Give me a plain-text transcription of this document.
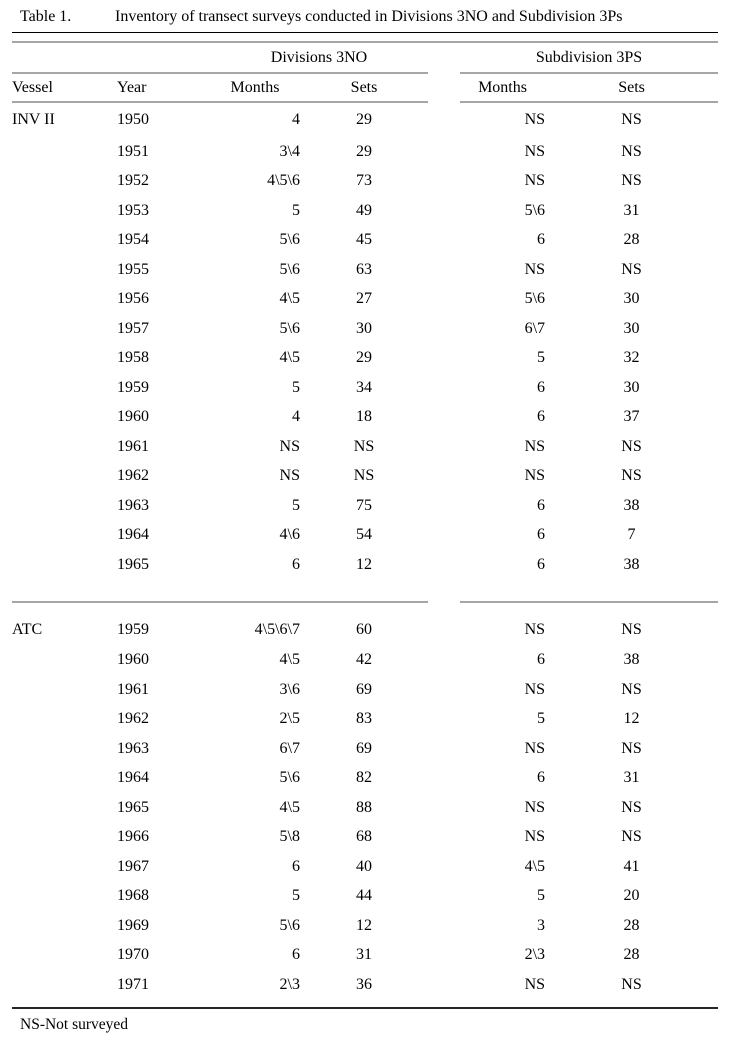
Table 1.	Inventory of transect surveys conducted in Divisions 3NO and Subdivision 3Ps
		Divisions 3NO			Subdivision 3PS	
Vessel	Year	Months	Sets		Months	Sets
INV II	1950	4	29		NS	NS
	1951	3\4	29		NS	NS
	1952	4\5\6	73		NS	NS
	1953	5	49		5\6	31
	1954	5\6	45		6	28
	1955	5\6	63		NS	NS
	1956	4\5	27		5\6	30
	1957	5\6	30		6\7	30
	1958	4\5	29		5	32
	1959	5	34		6	30
	1960	4	18		6	37
	1961	NS	NS		NS	NS
	1962	NS	NS		NS	NS
	1963	5	75		6	38
	1964	4\6	54		6	7
	1965	6	12		6	38

ATC	1959	4\5\6\7	60		NS	NS
	1960	4\5	42		6	38
	1961	3\6	69		NS	NS
	1962	2\5	83		5	12
	1963	6\7	69		NS	NS
	1964	5\6	82		6	31
	1965	4\5	88		NS	NS
	1966	5\8	68		NS	NS
	1967	6	40		4\5	41
	1968	5	44		5	20
	1969	5\6	12		3	28
	1970	6	31		2\3	28
	1971	2\3	36		NS	NS

NS-Not surveyed
